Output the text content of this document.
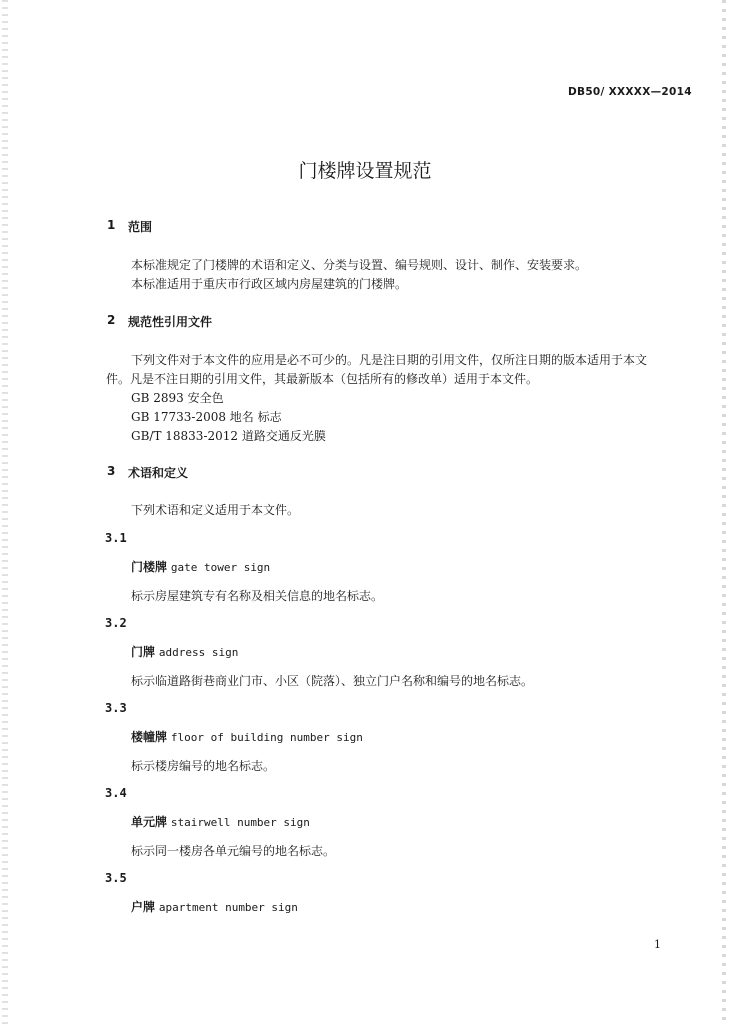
DB50/ XXXXX—2014
门楼牌设置规范
1 范围
本标准规定了门楼牌的术语和定义、分类与设置、编号规则、设计、制作、安装要求。
本标准适用于重庆市行政区域内房屋建筑的门楼牌。
2 规范性引用文件
下列文件对于本文件的应用是必不可少的。凡是注日期的引用文件，仅所注日期的版本适用于本文
件。凡是不注日期的引用文件，其最新版本（包括所有的修改单）适用于本文件。
GB 2893 安全色
GB 17733-2008 地名 标志
GB/T 18833-2012 道路交通反光膜
3 术语和定义
下列术语和定义适用于本文件。
3.1
门楼牌 gate tower sign
标示房屋建筑专有名称及相关信息的地名标志。
3.2
门牌 address sign
标示临道路街巷商业门市、小区（院落）、独立门户名称和编号的地名标志。
3.3
楼幢牌 floor of building number sign
标示楼房编号的地名标志。
3.4
单元牌 stairwell number sign
标示同一楼房各单元编号的地名标志。
3.5
户牌 apartment number sign
1
